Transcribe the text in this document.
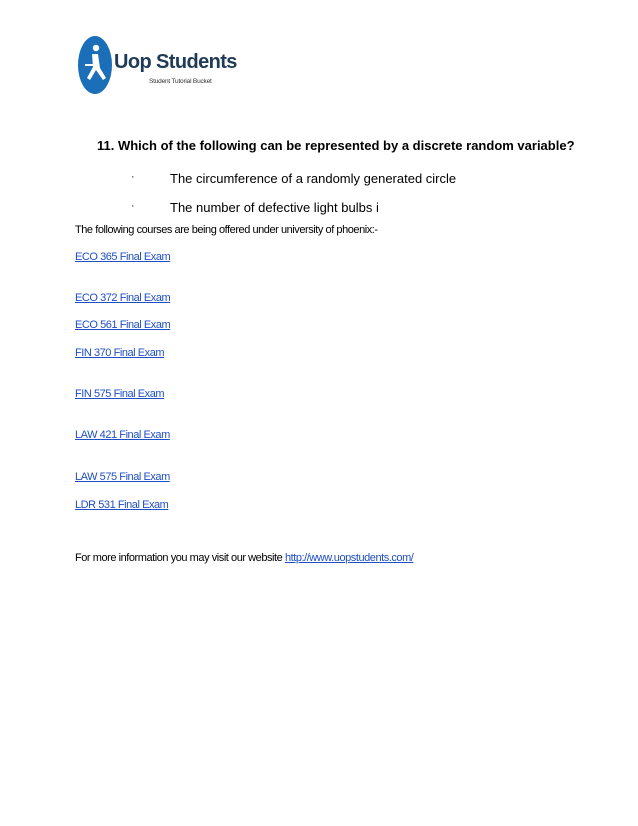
Uop Students
Student Tutorial Bucket
11. Which of the following can be represented by a discrete random variable?
·	The circumference of a randomly generated circle
·	The number of defective light bulbs i
The following courses are being offered under university of phoenix:-
ECO 365 Final Exam
ECO 372 Final Exam
ECO 561 Final Exam
FIN 370 Final Exam
FIN 575 Final Exam
LAW 421 Final Exam
LAW 575 Final Exam
LDR 531 Final Exam
For more information you may visit our website http://www.uopstudents.com/
